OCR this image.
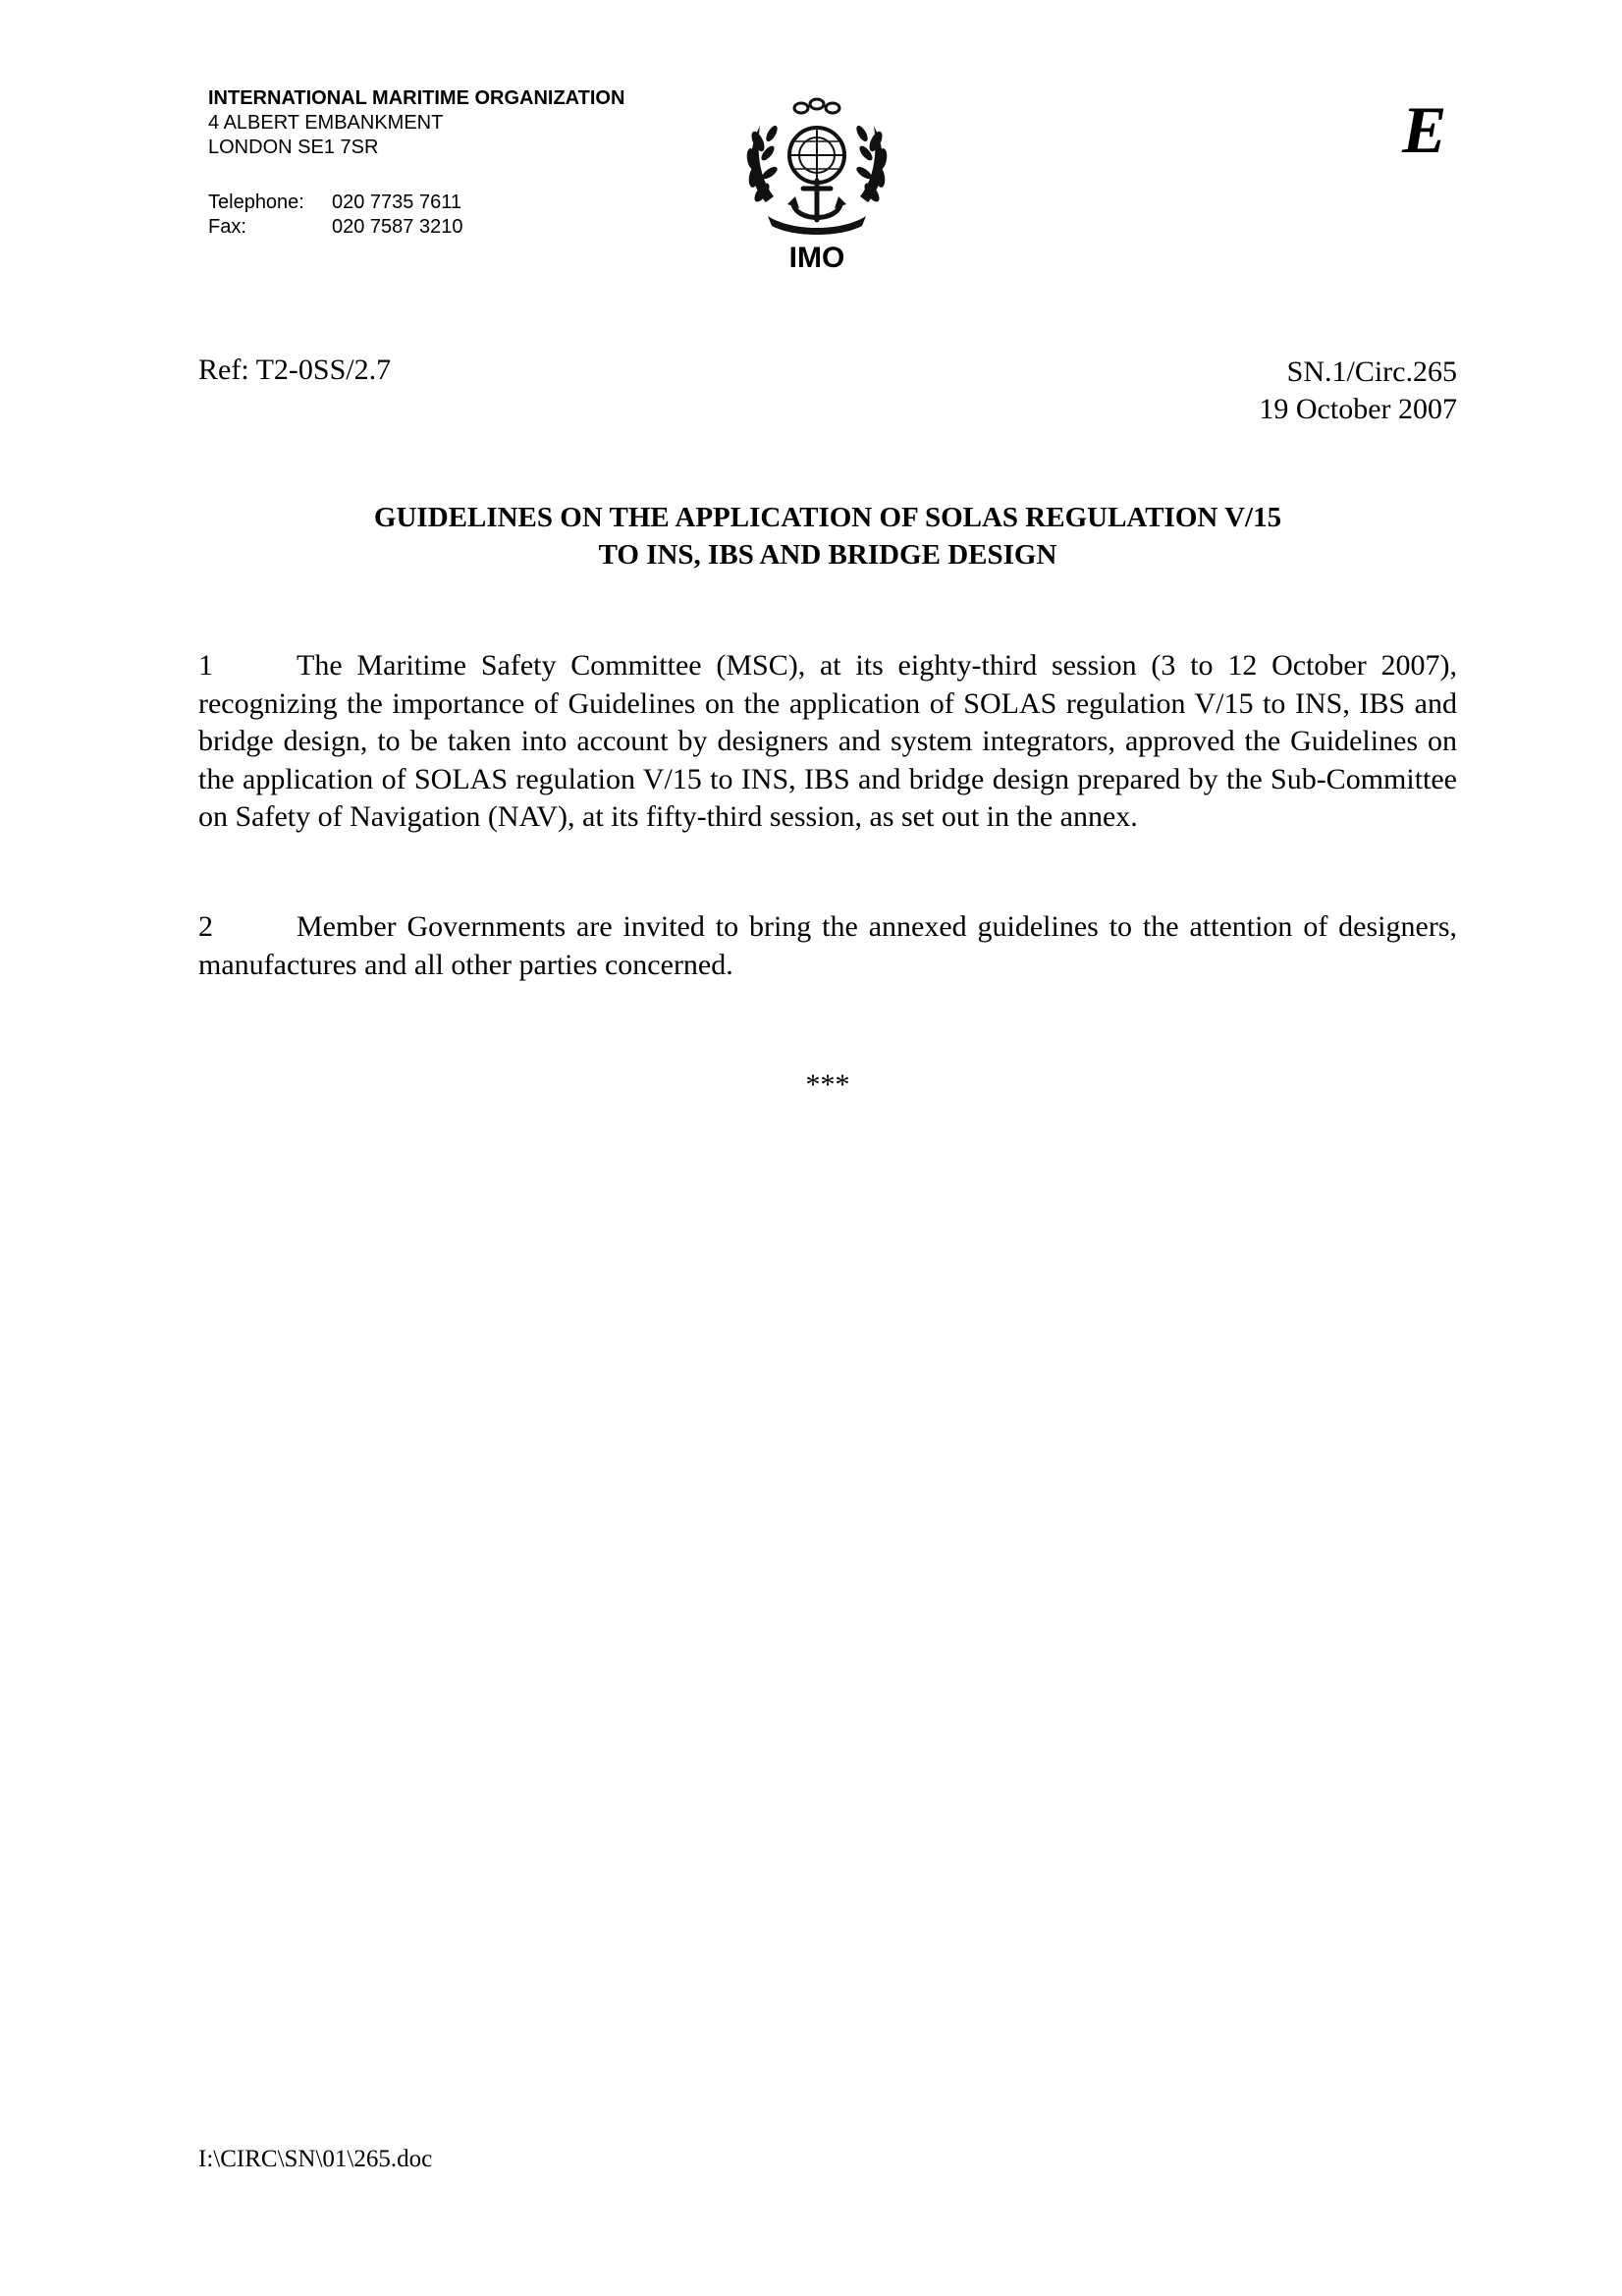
INTERNATIONAL MARITIME ORGANIZATION
4 ALBERT EMBANKMENT
LONDON SE1 7SR
Telephone:	020 7735 7611
Fax:	020 7587 3210
IMO
E
Ref: T2-0SS/2.7	SN.1/Circ.265
19 October 2007
GUIDELINES ON THE APPLICATION OF SOLAS REGULATION V/15
TO INS, IBS AND BRIDGE DESIGN
1	The Maritime Safety Committee (MSC), at its eighty-third session (3 to 12 October 2007), recognizing the importance of Guidelines on the application of SOLAS regulation V/15 to INS, IBS and bridge design, to be taken into account by designers and system integrators, approved the Guidelines on the application of SOLAS regulation V/15 to INS, IBS and bridge design prepared by the Sub-Committee on Safety of Navigation (NAV), at its fifty-third session, as set out in the annex.
2	Member Governments are invited to bring the annexed guidelines to the attention of designers, manufactures and all other parties concerned.
***
I:\CIRC\SN\01\265.doc
